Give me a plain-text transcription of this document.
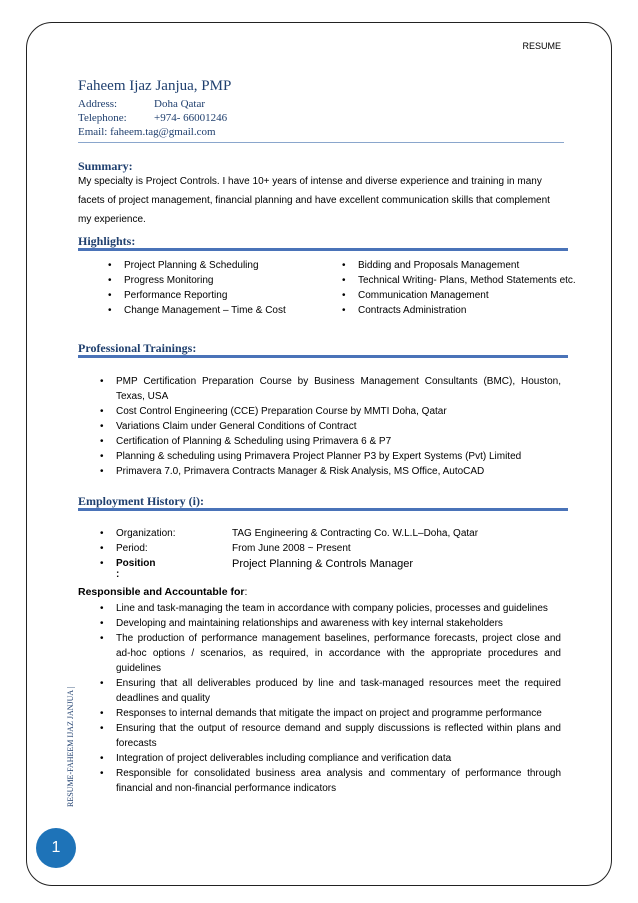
RESUME
RESUME-FAHEEM IJAZ JANJUA |
1
Faheem Ijaz Janjua, PMP
Address:	Doha Qatar
Telephone: +974- 66001246
Email: faheem.tag@gmail.com
Summary:
My specialty is Project Controls. I have 10+ years of intense and diverse experience and training in many facets of project management, financial planning and have excellent communication skills that complement my experience.
Highlights:
• Project Planning & Scheduling
• Progress Monitoring
• Performance Reporting
• Change Management – Time & Cost
• Bidding and Proposals Management
• Technical Writing- Plans, Method Statements etc.
• Communication Management
• Contracts Administration
Professional Trainings:
• PMP Certification Preparation Course by Business Management Consultants (BMC), Houston, Texas, USA
• Cost Control Engineering (CCE) Preparation Course by MMTI Doha, Qatar
• Variations Claim under General Conditions of Contract
• Certification of Planning & Scheduling using Primavera 6 & P7
• Planning & scheduling using Primavera Project Planner P3 by Expert Systems (Pvt) Limited
• Primavera 7.0, Primavera Contracts Manager & Risk Analysis, MS Office, AutoCAD
Employment History (i):
• Organization:	TAG Engineering & Contracting Co. W.L.L–Doha, Qatar
• Period:	From June 2008 ~ Present
• Position :
Project Planning & Controls Manager
Responsible and Accountable for:
• Line and task-managing the team in accordance with company policies, processes and guidelines
• Developing and maintaining relationships and awareness with key internal stakeholders
• The production of performance management baselines, performance forecasts, project close and ad-hoc options / scenarios, as required, in accordance with the appropriate procedures and guidelines
• Ensuring that all deliverables produced by line and task-managed resources meet the required deadlines and quality
• Responses to internal demands that mitigate the impact on project and programme performance
• Ensuring that the output of resource demand and supply discussions is reflected within plans and forecasts
• Integration of project deliverables including compliance and verification data
• Responsible for consolidated business area analysis and commentary of performance through financial and non-financial performance indicators
